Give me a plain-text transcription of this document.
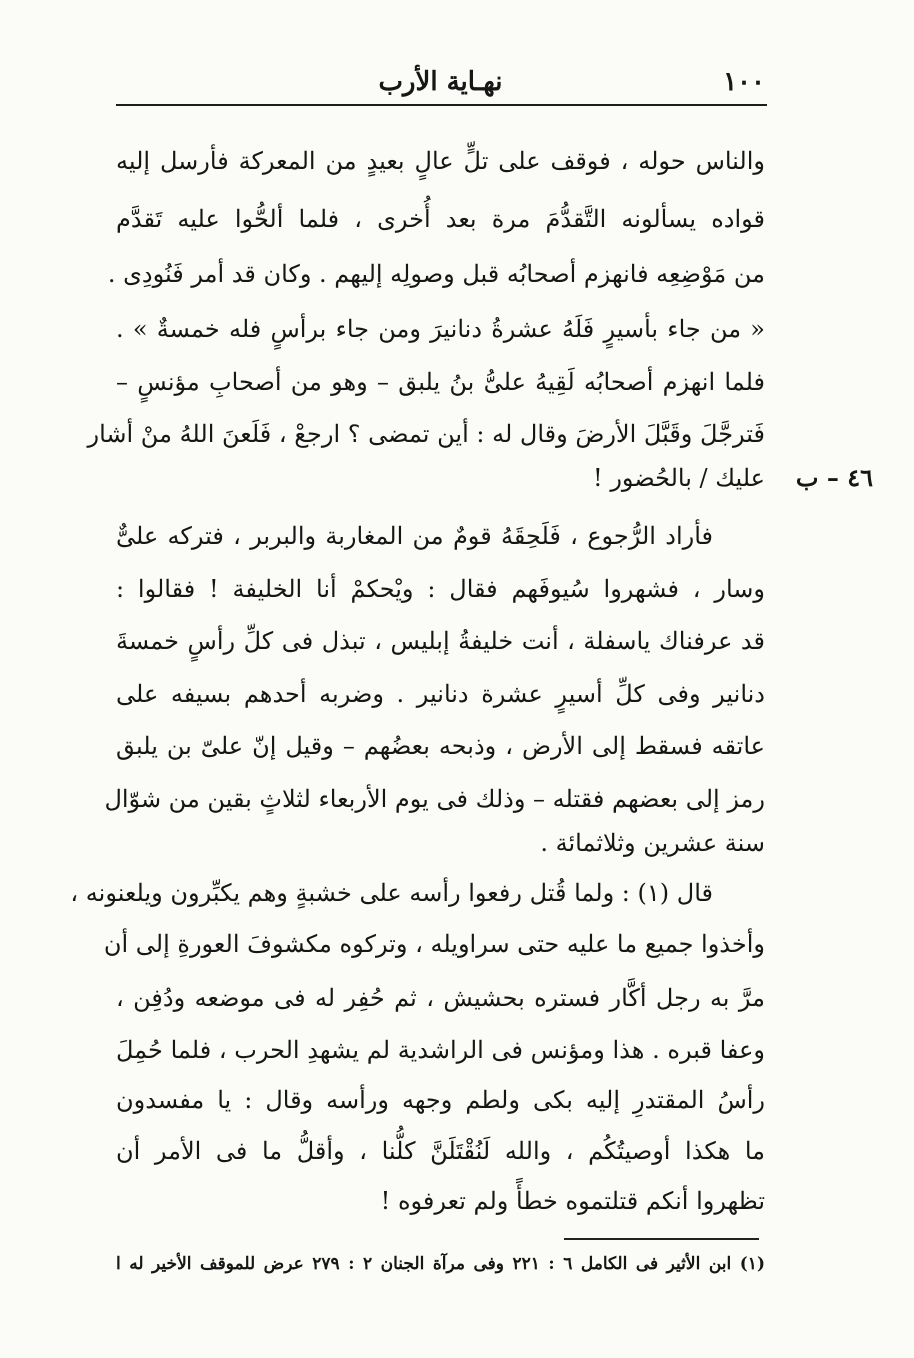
١٠٠
نهـاية الأرب
٤٦ – ب
والناس حوله ، فوقف على تلٍّ عالٍ بعيدٍ من المعركة فأرسل إليه
قواده يسألونه التَّقدُّمَ مرة بعد أُخرى ، فلما ألحُّوا عليه تَقدَّم
من مَوْضِعِه فانهزم أصحابُه قبل وصولِه إليهم . وكان قد أمر فَنُودِى .
« من جاء بأسيرٍ فَلَهُ عشرةُ دنانيرَ ومن جاء برأسٍ فله خمسةٌ » .
فلما انهزم أصحابُه لَقِيهُ علىُّ بنُ يلبق – وهو من أصحابِ مؤنسٍ –
فَترجَّلَ وقَبَّلَ الأرضَ وقال له : أين تمضى ؟ ارجعْ ، فَلَعنَ اللهُ منْ أشار
عليك / بالحُضور !
فأراد الرُّجوع ، فَلَحِقَهُ قومٌ من المغاربة والبربر ، فتركه علىٌّ
وسار ، فشهروا سُيوفَهم فقال : ويْحكمْ أنا الخليفة ! فقالوا :
قد عرفناك ياسفلة ، أنت خليفةُ إبليس ، تبذل فى كلِّ رأسٍ خمسةَ
دنانير وفى كلِّ أسيرٍ عشرة دنانير . وضربه أحدهم بسيفه على
عاتقه فسقط إلى الأرض ، وذبحه بعضُهم – وقيل إنّ علىّ بن يلبق
رمز إلى بعضهم فقتله – وذلك فى يوم الأربعاء لثلاثٍ بقين من شوّال
سنة عشرين وثلاثمائة .
قال (١) : ولما قُتل رفعوا رأسه على خشبةٍ وهم يكبِّرون ويلعنونه ،
وأخذوا جميع ما عليه حتى سراويله ، وتركوه مكشوفَ العورةِ إلى أن
مرَّ به رجل أكَّار فستره بحشيش ، ثم حُفِر له فى موضعه ودُفِن ،
وعفا قبره . هذا ومؤنس فى الراشدية لم يشهدِ الحرب ، فلما حُمِلَ
رأسُ المقتدرِ إليه بكى ولطم وجهه ورأسه وقال : يا مفسدون
ما هكذا أوصيتُكُم ، والله لَنُقْتَلَنَّ كلُّنا ، وأقلُّ ما فى الأمر أن
تظهروا أنكم قتلتموه خطأً ولم تعرفوه !
(١) ابن الأثير فى الكامل ٦ : ٢٢١ وفى مرآة الجنان ٢ : ٢٧٩ عرض للموقف الأخير له ا
